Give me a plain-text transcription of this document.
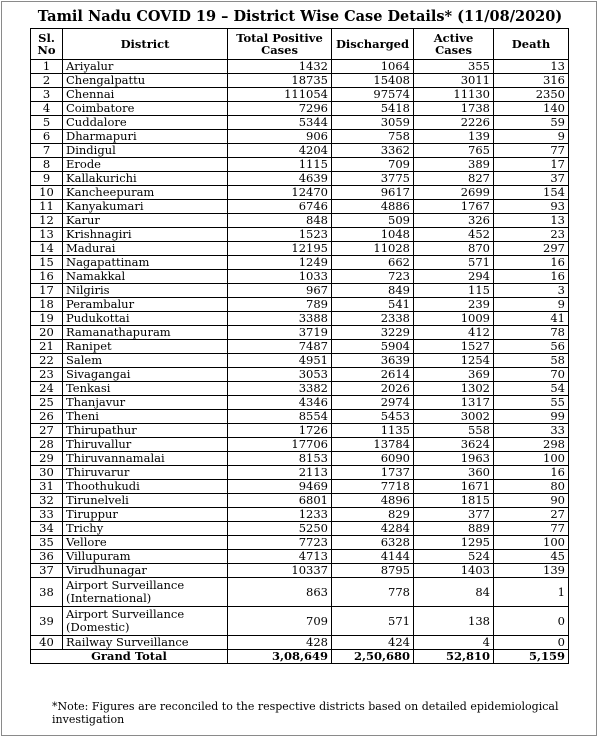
Tamil Nadu COVID 19 – District Wise Case Details* (11/08/2020)
Sl.
No	District	Total Positive
Cases	Discharged	Active
Cases	Death
1	Ariyalur	1432	1064	355	13
2	Chengalpattu	18735	15408	3011	316
3	Chennai	111054	97574	11130	2350
4	Coimbatore	7296	5418	1738	140
5	Cuddalore	5344	3059	2226	59
6	Dharmapuri	906	758	139	9
7	Dindigul	4204	3362	765	77
8	Erode	1115	709	389	17
9	Kallakurichi	4639	3775	827	37
10	Kancheepuram	12470	9617	2699	154
11	Kanyakumari	6746	4886	1767	93
12	Karur	848	509	326	13
13	Krishnagiri	1523	1048	452	23
14	Madurai	12195	11028	870	297
15	Nagapattinam	1249	662	571	16
16	Namakkal	1033	723	294	16
17	Nilgiris	967	849	115	3
18	Perambalur	789	541	239	9
19	Pudukottai	3388	2338	1009	41
20	Ramanathapuram	3719	3229	412	78
21	Ranipet	7487	5904	1527	56
22	Salem	4951	3639	1254	58
23	Sivagangai	3053	2614	369	70
24	Tenkasi	3382	2026	1302	54
25	Thanjavur	4346	2974	1317	55
26	Theni	8554	5453	3002	99
27	Thirupathur	1726	1135	558	33
28	Thiruvallur	17706	13784	3624	298
29	Thiruvannamalai	8153	6090	1963	100
30	Thiruvarur	2113	1737	360	16
31	Thoothukudi	9469	7718	1671	80
32	Tirunelveli	6801	4896	1815	90
33	Tiruppur	1233	829	377	27
34	Trichy	5250	4284	889	77
35	Vellore	7723	6328	1295	100
36	Villupuram	4713	4144	524	45
37	Virudhunagar	10337	8795	1403	139
38	Airport Surveillance
(International)	863	778	84	1
39	Airport Surveillance
(Domestic)	709	571	138	0
40	Railway Surveillance	428	424	4	0
Grand Total		3,08,649	2,50,680	52,810	5,159
*Note: Figures are reconciled to the respective districts based on detailed epidemiological investigation
